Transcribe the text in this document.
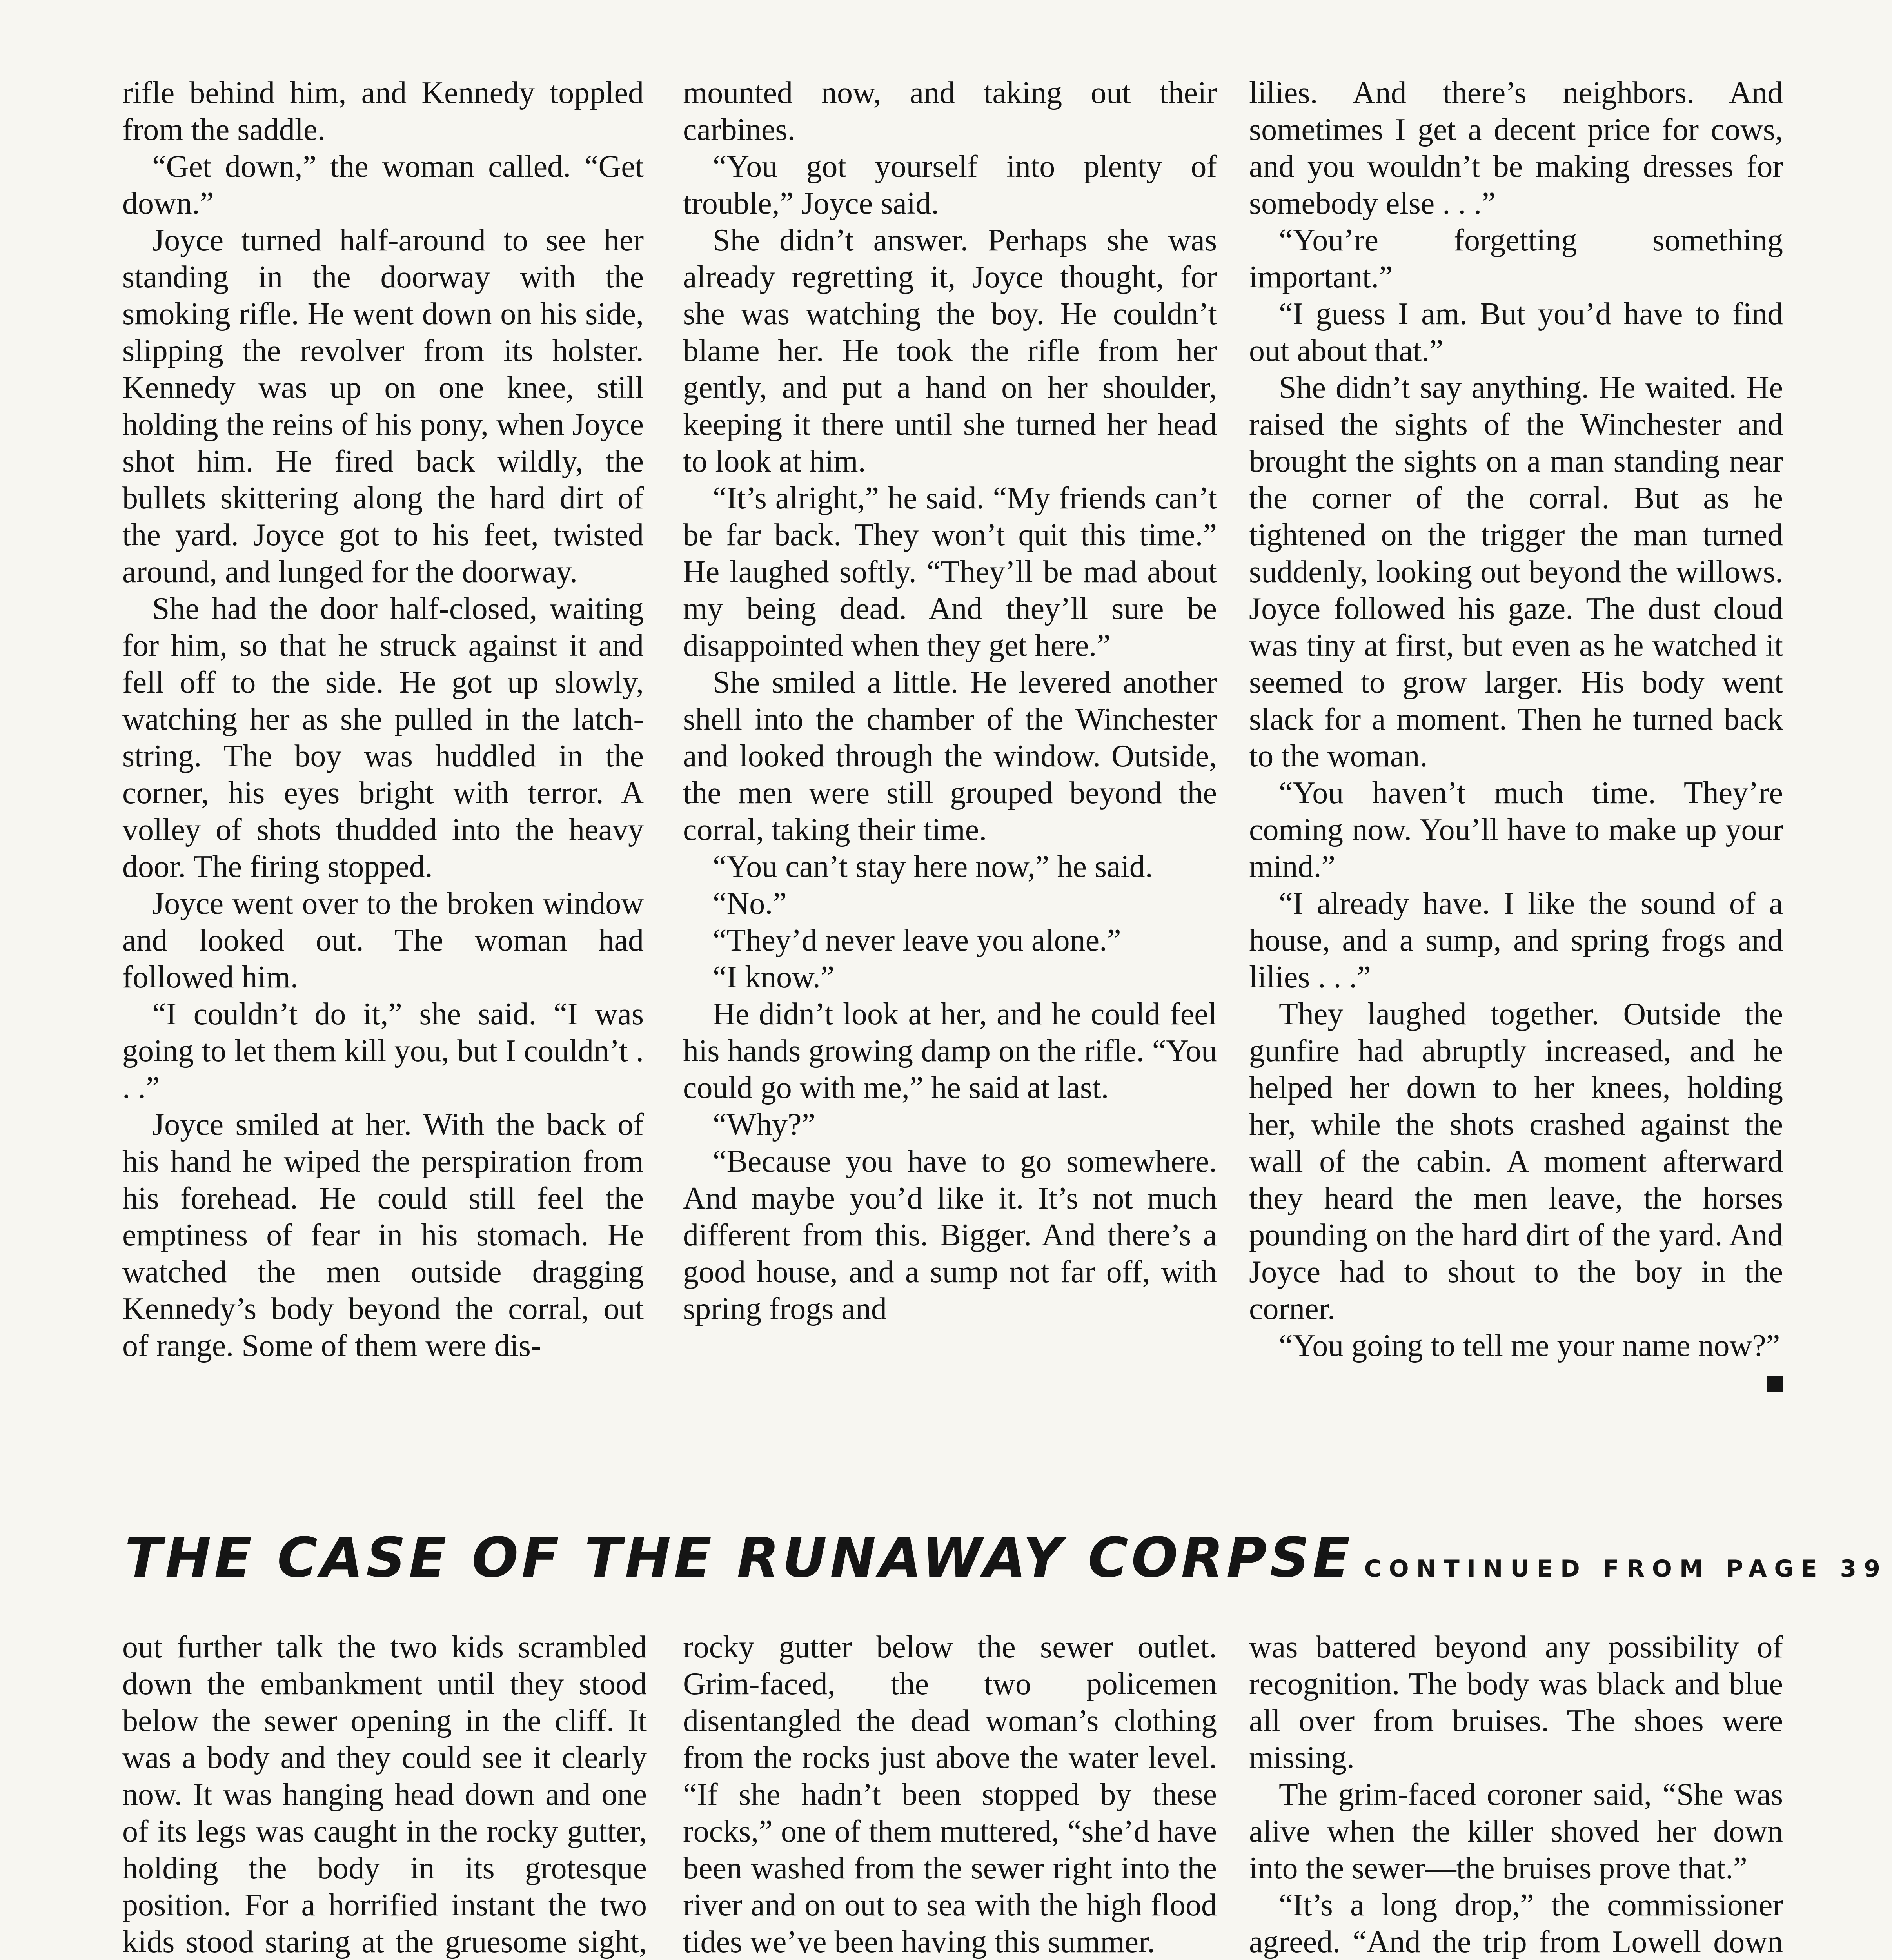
rifle behind him, and Kennedy toppled from the saddle.

“Get down,” the woman called. “Get down.”

Joyce turned half-around to see her standing in the doorway with the smoking rifle. He went down on his side, slipping the revolver from its holster. Kennedy was up on one knee, still holding the reins of his pony, when Joyce shot him. He fired back wildly, the bullets skittering along the hard dirt of the yard. Joyce got to his feet, twisted around, and lunged for the doorway.

She had the door half-closed, waiting for him, so that he struck against it and fell off to the side. He got up slowly, watching her as she pulled in the latch-string. The boy was huddled in the corner, his eyes bright with terror. A volley of shots thudded into the heavy door. The firing stopped.

Joyce went over to the broken window and looked out. The woman had followed him.

“I couldn’t do it,” she said. “I was going to let them kill you, but I couldn’t . . .”

Joyce smiled at her. With the back of his hand he wiped the perspiration from his forehead. He could still feel the emptiness of fear in his stomach. He watched the men outside dragging Kennedy’s body beyond the corral, out of range. Some of them were dis-

mounted now, and taking out their carbines.

“You got yourself into plenty of trouble,” Joyce said.

She didn’t answer. Perhaps she was already regretting it, Joyce thought, for she was watching the boy. He couldn’t blame her. He took the rifle from her gently, and put a hand on her shoulder, keeping it there until she turned her head to look at him.

“It’s alright,” he said. “My friends can’t be far back. They won’t quit this time.” He laughed softly. “They’ll be mad about my being dead. And they’ll sure be disappointed when they get here.”

She smiled a little. He levered another shell into the chamber of the Winchester and looked through the window. Outside, the men were still grouped beyond the corral, taking their time.

“You can’t stay here now,” he said.

“No.”

“They’d never leave you alone.”

“I know.”

He didn’t look at her, and he could feel his hands growing damp on the rifle. “You could go with me,” he said at last.

“Why?”

“Because you have to go somewhere. And maybe you’d like it. It’s not much different from this. Bigger. And there’s a good house, and a sump not far off, with spring frogs and

lilies. And there’s neighbors. And sometimes I get a decent price for cows, and you wouldn’t be making dresses for somebody else . . .”

“You’re forgetting something important.”

“I guess I am. But you’d have to find out about that.”

She didn’t say anything. He waited. He raised the sights of the Winchester and brought the sights on a man standing near the corner of the corral. But as he tightened on the trigger the man turned suddenly, looking out beyond the willows. Joyce followed his gaze. The dust cloud was tiny at first, but even as he watched it seemed to grow larger. His body went slack for a moment. Then he turned back to the woman.

“You haven’t much time. They’re coming now. You’ll have to make up your mind.”

“I already have. I like the sound of a house, and a sump, and spring frogs and lilies . . .”

They laughed together. Outside the gunfire had abruptly increased, and he helped her down to her knees, holding her, while the shots crashed against the wall of the cabin. A moment afterward they heard the men leave, the horses pounding on the hard dirt of the yard. And Joyce had to shout to the boy in the corner.

“You going to tell me your name now?”

THE CASE OF THE RUNAWAY CORPSE CONTINUED FROM PAGE 39

out further talk the two kids scrambled down the embankment until they stood below the sewer opening in the cliff. It was a body and they could see it clearly now. It was hanging head down and one of its legs was caught in the rocky gutter, holding the body in its grotesque position. For a horrified instant the two kids stood staring at the gruesome sight,

rocky gutter below the sewer outlet. Grim-faced, the two policemen disentangled the dead woman’s clothing from the rocks just above the water level. “If she hadn’t been stopped by these rocks,” one of them muttered, “she’d have been washed from the sewer right into the river and on out to sea with the high flood tides we’ve been having this summer.

was battered beyond any possibility of recognition. The body was black and blue all over from bruises. The shoes were missing.

The grim-faced coroner said, “She was alive when the killer shoved her down into the sewer—the bruises prove that.”

“It’s a long drop,” the commissioner agreed. “And the trip from Lowell down
